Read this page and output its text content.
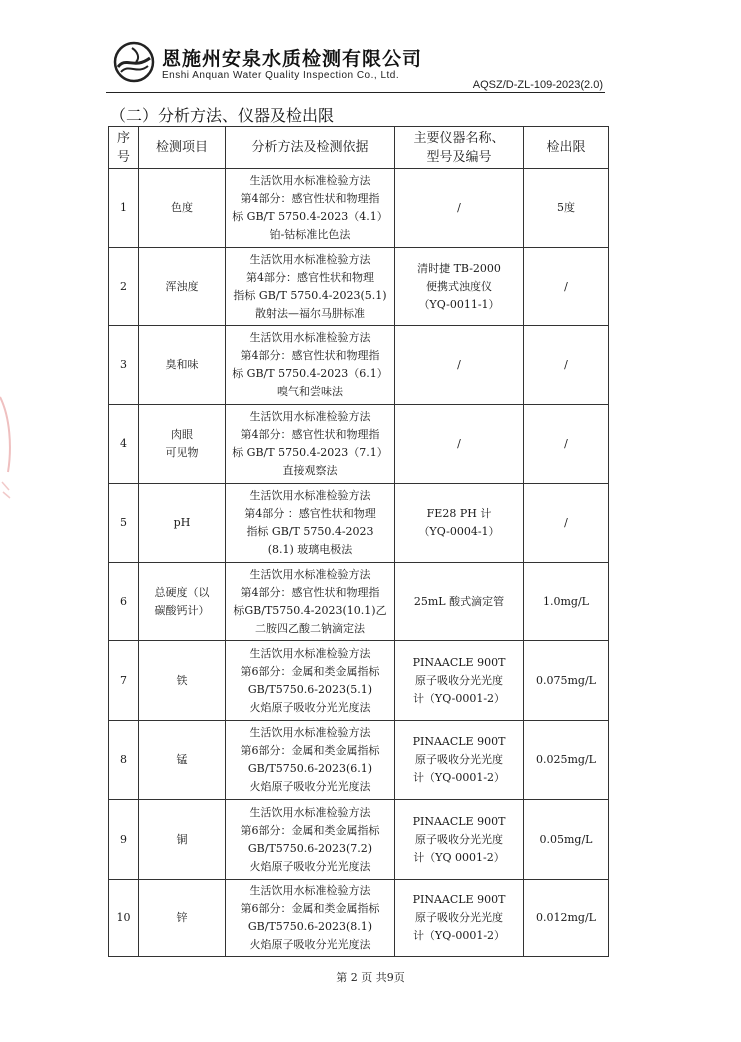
恩施州安泉水质检测有限公司
Enshi Anquan Water Quality Inspection Co., Ltd.
AQSZ/D-ZL-109-2023(2.0)
（二）分析方法、仪器及检出限
序
号	检测项目	分析方法及检测依据	主要仪器名称、
型号及编号	检出限
1	色度	生活饮用水标准检验方法
第4部分：感官性状和物理指
标 GB/T 5750.4-2023（4.1）
铂-钴标准比色法	/	5度
2	浑浊度	生活饮用水标准检验方法
第4部分：感官性状和物理
指标 GB/T 5750.4-2023(5.1)
散射法—福尔马肼标准	清时捷 TB-2000
便携式浊度仪
（YQ-0011-1）	/
3	臭和味	生活饮用水标准检验方法
第4部分：感官性状和物理指
标 GB/T 5750.4-2023（6.1）
嗅气和尝味法	/	/
4	肉眼
可见物	生活饮用水标准检验方法
第4部分：感官性状和物理指
标 GB/T 5750.4-2023（7.1）
直接观察法	/	/
5	pH	生活饮用水标准检验方法
第4部分 ：感官性状和物理
指标 GB/T 5750.4-2023
(8.1) 玻璃电极法	FE28 PH 计
（YQ-0004-1）	/
6	总硬度（以
碳酸钙计）	生活饮用水标准检验方法
第4部分：感官性状和物理指
标GB/T5750.4-2023(10.1)乙
二胺四乙酸二钠滴定法	25mL 酸式滴定管	1.0mg/L
7	铁	生活饮用水标准检验方法
第6部分：金属和类金属指标
GB/T5750.6-2023(5.1)
火焰原子吸收分光光度法	PINAACLE 900T
原子吸收分光光度
计（YQ-0001-2）	0.075mg/L
8	锰	生活饮用水标准检验方法
第6部分：金属和类金属指标
GB/T5750.6-2023(6.1)
火焰原子吸收分光光度法	PINAACLE 900T
原子吸收分光光度
计（YQ-0001-2）	0.025mg/L
9	铜	生活饮用水标准检验方法
第6部分：金属和类金属指标
GB/T5750.6-2023(7.2)
火焰原子吸收分光光度法	PINAACLE 900T
原子吸收分光光度
计（YQ 0001-2）	0.05mg/L
10	锌	生活饮用水标准检验方法
第6部分：金属和类金属指标
GB/T5750.6-2023(8.1)
火焰原子吸收分光光度法	PINAACLE 900T
原子吸收分光光度
计（YQ-0001-2）	0.012mg/L
第 2 页 共9页
